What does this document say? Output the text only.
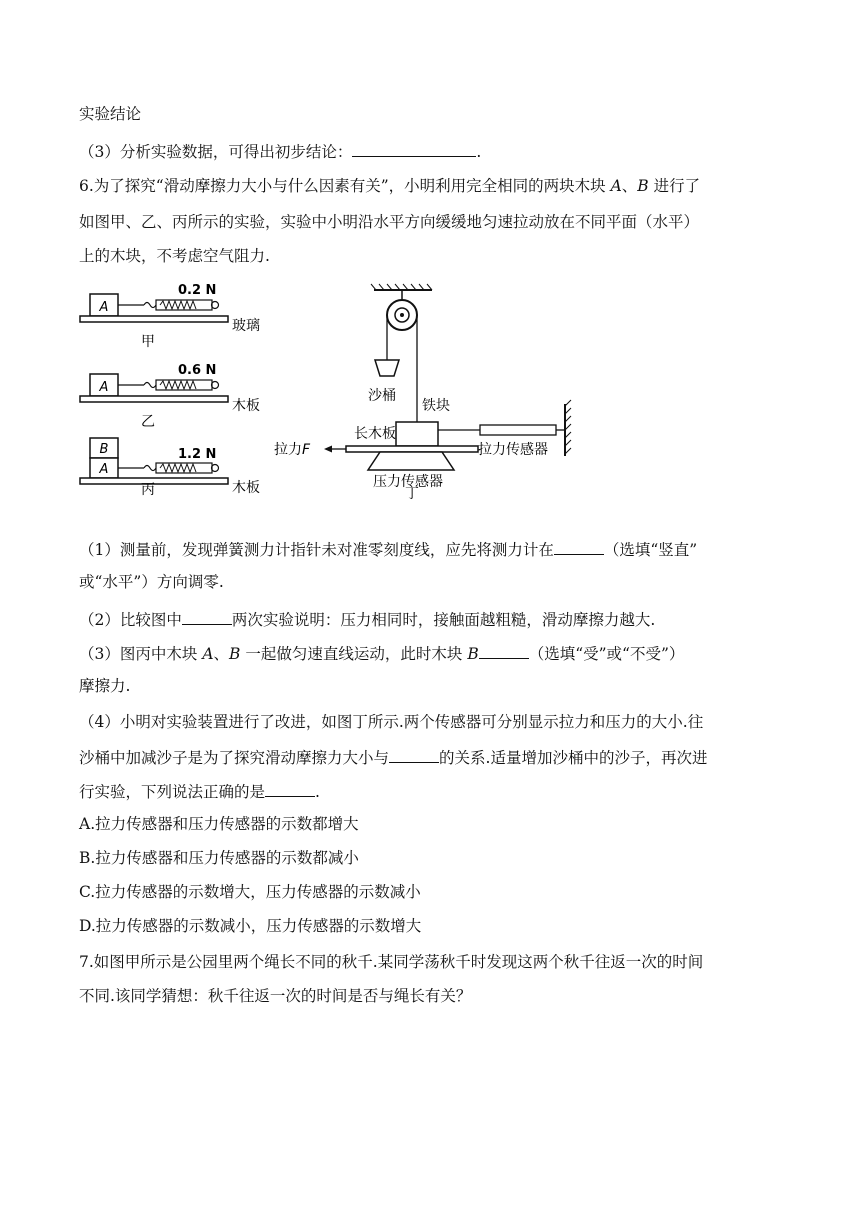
实验结论
（3）分析实验数据，可得出初步结论：	.
6.为了探究“滑动摩擦力大小与什么因素有关”，小明利用完全相同的两块木块 A、B 进行了
如图甲、乙、丙所示的实验，实验中小明沿水平方向缓缓地匀速拉动放在不同平面（水平）
上的木块，不考虑空气阻力.
A
0.2 N
玻璃
甲
A
0.6 N
木板
乙
B
A
1.2 N
木板
丙
沙桶
铁块
拉力F
长木板
拉力传感器
压力传感器
丁
（1）测量前，发现弹簧测力计指针未对准零刻度线，应先将测力计在	（选填“竖直”
或“水平”）方向调零.
（2）比较图中	两次实验说明：压力相同时，接触面越粗糙，滑动摩擦力越大.
（3）图丙中木块 A、B 一起做匀速直线运动，此时木块 B	（选填“受”或“不受”）
摩擦力.
（4）小明对实验装置进行了改进，如图丁所示.两个传感器可分别显示拉力和压力的大小.往
沙桶中加减沙子是为了探究滑动摩擦力大小与	的关系.适量增加沙桶中的沙子，再次进
行实验，下列说法正确的是	.
A.拉力传感器和压力传感器的示数都增大
B.拉力传感器和压力传感器的示数都减小
C.拉力传感器的示数增大，压力传感器的示数减小
D.拉力传感器的示数减小，压力传感器的示数增大
7.如图甲所示是公园里两个绳长不同的秋千.某同学荡秋千时发现这两个秋千往返一次的时间
不同.该同学猜想：秋千往返一次的时间是否与绳长有关？
